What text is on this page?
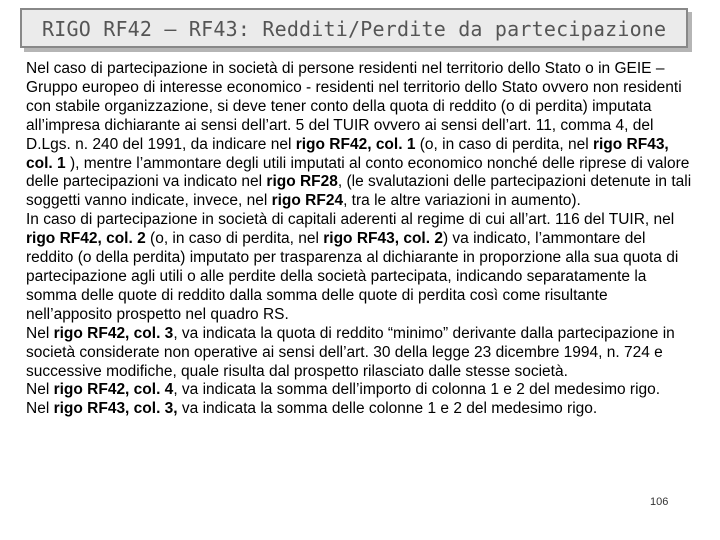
RIGO RF42 – RF43: Redditi/Perdite da partecipazione

Nel caso di partecipazione in società di persone residenti nel territorio dello Stato o in GEIE – Gruppo europeo di interesse economico - residenti nel territorio dello Stato ovvero non residenti con stabile organizzazione, si deve tener conto della quota di reddito (o di perdita) imputata all’impresa dichiarante ai sensi dell’art. 5 del TUIR ovvero ai sensi dell’art. 11, comma 4, del D.Lgs. n. 240 del 1991, da indicare nel rigo RF42, col. 1 (o, in caso di perdita, nel rigo RF43, col. 1 ), mentre l’ammontare degli utili imputati al conto economico nonché delle riprese di valore delle partecipazioni va indicato nel rigo RF28, (le svalutazioni delle partecipazioni detenute in tali soggetti vanno indicate, invece, nel rigo RF24, tra le altre variazioni in aumento).

In caso di partecipazione in società di capitali aderenti al regime di cui all’art. 116 del TUIR, nel rigo RF42, col. 2 (o, in caso di perdita, nel rigo RF43, col. 2) va indicato, l’ammontare del reddito (o della perdita) imputato per trasparenza al dichiarante in proporzione alla sua quota di partecipazione agli utili o alle perdite della società partecipata, indicando separatamente la somma delle quote di reddito dalla somma delle quote di perdita così come risultante nell’apposito prospetto nel quadro RS.

Nel rigo RF42, col. 3, va indicata la quota di reddito “minimo” derivante dalla partecipazione in società considerate non operative ai sensi dell’art. 30 della legge 23 dicembre 1994, n. 724 e successive modifiche, quale risulta dal prospetto rilasciato dalle stesse società.

Nel rigo RF42, col. 4, va indicata la somma dell’importo di colonna 1 e 2 del medesimo rigo.

Nel rigo RF43, col. 3, va indicata la somma delle colonne 1 e 2 del medesimo rigo.

106
